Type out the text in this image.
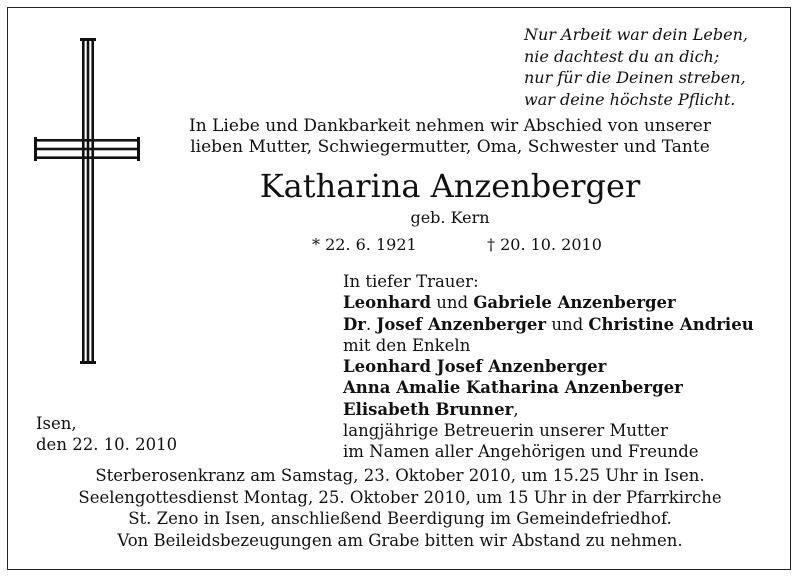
Nur Arbeit war dein Leben,
nie dachtest du an dich;
nur für die Deinen streben,
war deine höchste Pflicht.
In Liebe und Dankbarkeit nehmen wir Abschied von unserer
lieben Mutter, Schwiegermutter, Oma, Schwester und Tante
Katharina Anzenberger
geb. Kern
* 22. 6. 1921	† 20. 10. 2010
In tiefer Trauer:
Leonhard und Gabriele Anzenberger
Dr. Josef Anzenberger und Christine Andrieu
mit den Enkeln
Leonhard Josef Anzenberger
Anna Amalie Katharina Anzenberger
Elisabeth Brunner,
langjährige Betreuerin unserer Mutter
im Namen aller Angehörigen und Freunde
Isen,
den 22. 10. 2010
Sterberosenkranz am Samstag, 23. Oktober 2010, um 15.25 Uhr in Isen.
Seelengottesdienst Montag, 25. Oktober 2010, um 15 Uhr in der Pfarrkirche
St. Zeno in Isen, anschließend Beerdigung im Gemeindefriedhof.
Von Beileidsbezeugungen am Grabe bitten wir Abstand zu nehmen.
